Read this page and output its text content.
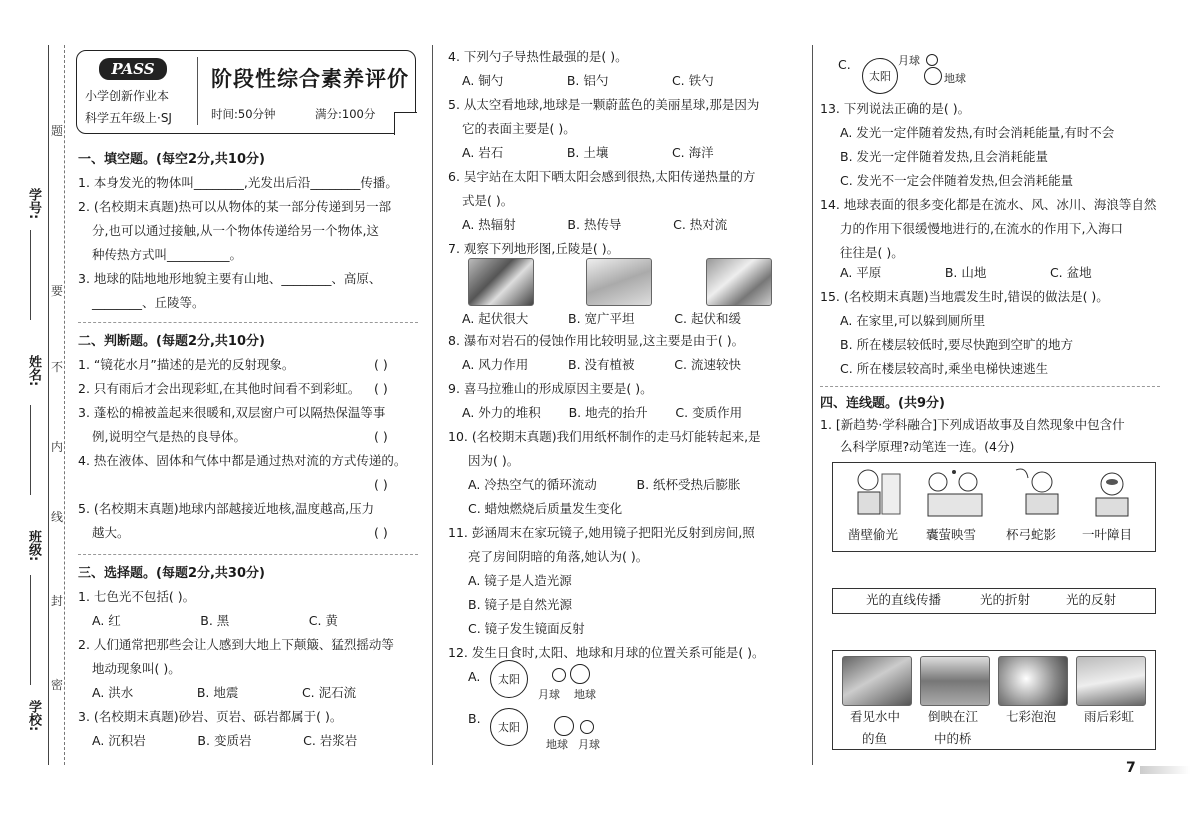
学号:
姓名:
班级:
学校:
题
要
不
内
线
封
密
PASS
小学创新作业本
科学五年级上·SJ
阶段性综合素养评价
时间:50分钟	满分:100分
一、填空题。(每空2分,共10分)
1. 本身发光的物体叫________,光发出后沿________传播。
2. (名校期末真题)热可以从物体的某一部分传递到另一部
分,也可以通过接触,从一个物体传递给另一个物体,这
种传热方式叫__________。
3. 地球的陆地地形地貌主要有山地、________、高原、
________、丘陵等。
二、判断题。(每题2分,共10分)
1. “镜花水月”描述的是光的反射现象。	( )
2. 只有雨后才会出现彩虹,在其他时间看不到彩虹。 ( )
3. 蓬松的棉被盖起来很暖和,双层窗户可以隔热保温等事
例,说明空气是热的良导体。	( )
4. 热在液体、固体和气体中都是通过热对流的方式传递的。
( )
5. (名校期末真题)地球内部越接近地核,温度越高,压力
越大。	( )
三、选择题。(每题2分,共30分)
1. 七色光不包括( )。
A. 红                    B. 黑                    C. 黄
2. 人们通常把那些会让人感到大地上下颠簸、猛烈摇动等
地动现象叫( )。
A. 洪水                B. 地震                C. 泥石流
3. (名校期末真题)砂岩、页岩、砾岩都属于( )。
A. 沉积岩             B. 变质岩             C. 岩浆岩
4. 下列勺子导热性最强的是( )。
A. 铜勺                B. 铝勺                C. 铁勺
5. 从太空看地球,地球是一颗蔚蓝色的美丽星球,那是因为
它的表面主要是( )。
A. 岩石                B. 土壤                C. 海洋
6. 吴宇站在太阳下晒太阳会感到很热,太阳传递热量的方
式是( )。
A. 热辐射             B. 热传导             C. 热对流
7. 观察下列地形图,丘陵是( )。
A. 起伏很大          B. 宽广平坦          C. 起伏和缓
8. 瀑布对岩石的侵蚀作用比较明显,这主要是由于( )。
A. 风力作用          B. 没有植被          C. 流速较快
9. 喜马拉雅山的形成原因主要是( )。
A. 外力的堆积       B. 地壳的抬升       C. 变质作用
10. (名校期末真题)我们用纸杯制作的走马灯能转起来,是
因为( )。
A. 冷热空气的循环流动          B. 纸杯受热后膨胀
C. 蜡烛燃烧后质量发生变化
11. 彭涵周末在家玩镜子,她用镜子把阳光反射到房间,照
亮了房间阴暗的角落,她认为( )。
A. 镜子是人造光源
B. 镜子是自然光源
C. 镜子发生镜面反射
12. 发生日食时,太阳、地球和月球的位置关系可能是( )。
A. 太阳
月球 地球
B.
太阳
地球 月球
C.
太阳
月球
地球
13. 下列说法正确的是( )。
A. 发光一定伴随着发热,有时会消耗能量,有时不会
B. 发光一定伴随着发热,且会消耗能量
C. 发光不一定会伴随着发热,但会消耗能量
14. 地球表面的很多变化都是在流水、风、冰川、海浪等自然
力的作用下很缓慢地进行的,在流水的作用下,入海口
往往是( )。
A. 平原                B. 山地                C. 盆地
15. (名校期末真题)当地震发生时,错误的做法是( )。
A. 在家里,可以躲到厕所里
B. 所在楼层较低时,要尽快跑到空旷的地方
C. 所在楼层较高时,乘坐电梯快速逃生
四、连线题。(共9分)
1. [新趋势·学科融合]下列成语故事及自然现象中包含什
么科学原理?动笔连一连。(4分)
凿壁偷光 囊萤映雪 杯弓蛇影 一叶障目
光的直线传播	光的折射	光的反射
看见水中
的鱼
倒映在江
中的桥
七彩泡泡 雨后彩虹
7
